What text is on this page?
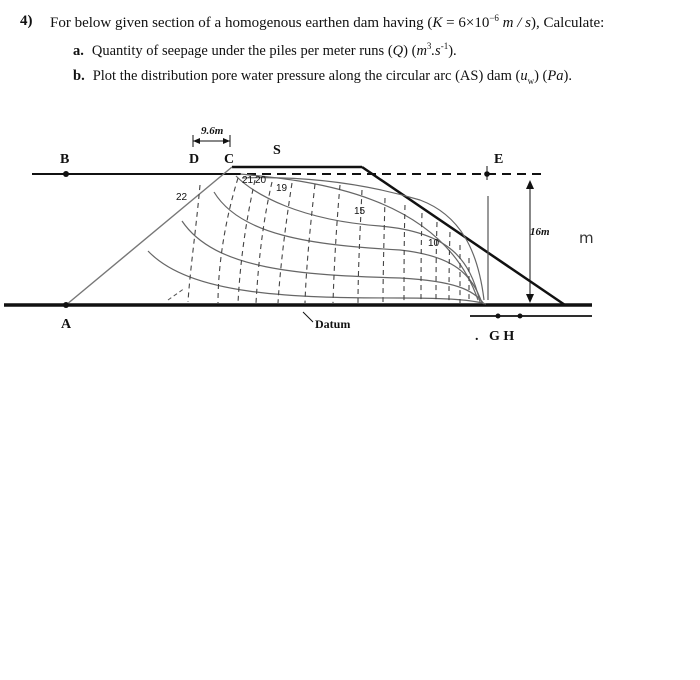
4) For below given section of a homogenous earthen dam having ($K = 6\times 10^{-6}$ m / s), Calculate:
a. Quantity of seepage under the piles per meter runs (Q) $(m^3.s^{-1})$.
b. Plot the distribution pore water pressure along the circular arc (AS) dam $(u_w)$ (Pa).
B	D C
S
E
A
G H
.
Datum
9.6m
16m
22
21 20
19
15
10	m
